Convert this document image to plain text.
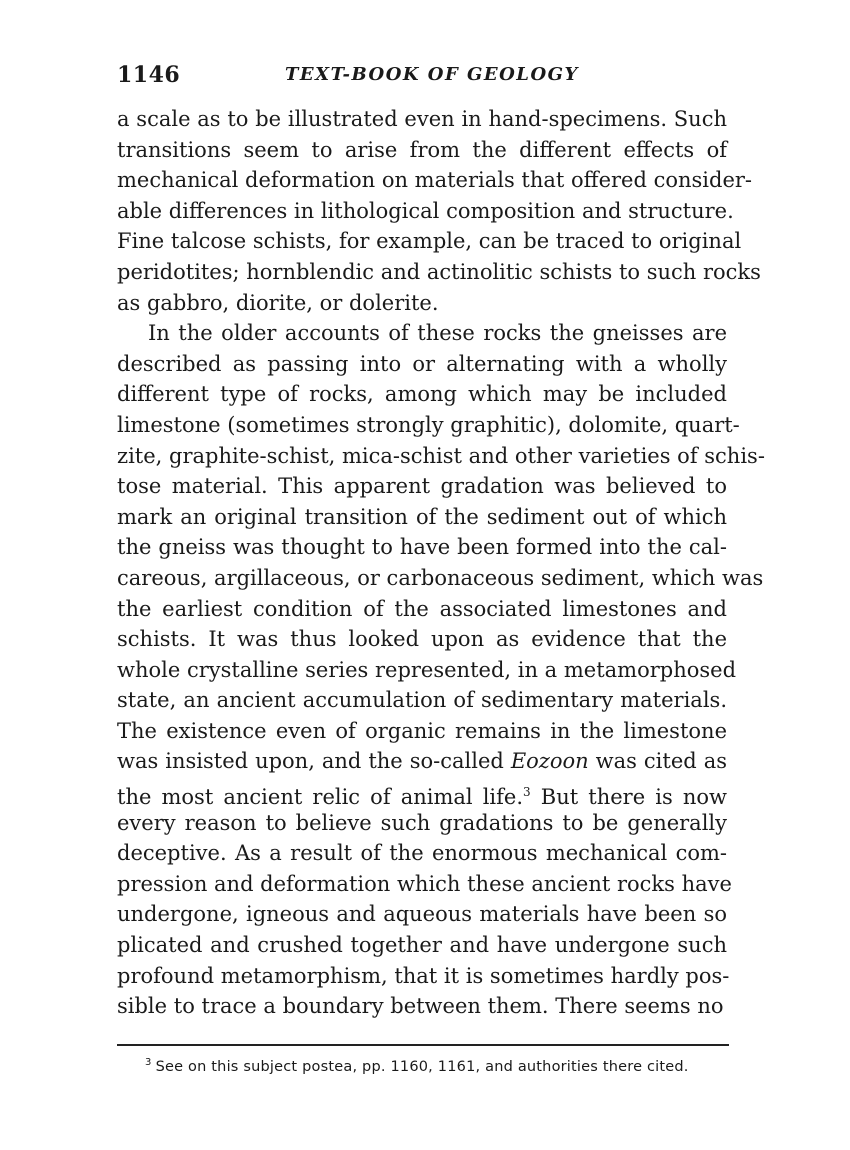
1146	TEXT-BOOK OF GEOLOGY
a scale as to be illustrated even in hand-specimens. Such
transitions seem to arise from the different effects of
mechanical deformation on materials that offered consider-
able differences in lithological composition and structure.
Fine talcose schists, for example, can be traced to original
peridotites; hornblendic and actinolitic schists to such rocks
as gabbro, diorite, or dolerite.
In the older accounts of these rocks the gneisses are
described as passing into or alternating with a wholly
different type of rocks, among which may be included
limestone (sometimes strongly graphitic), dolomite, quart-
zite, graphite-schist, mica-schist and other varieties of schis-
tose material. This apparent gradation was believed to
mark an original transition of the sediment out of which
the gneiss was thought to have been formed into the cal-
careous, argillaceous, or carbonaceous sediment, which was
the earliest condition of the associated limestones and
schists. It was thus looked upon as evidence that the
whole crystalline series represented, in a metamorphosed
state, an ancient accumulation of sedimentary materials.
The existence even of organic remains in the limestone
was insisted upon, and the so-called Eozoon was cited as
the most ancient relic of animal life.$^3$ But there is now
every reason to believe such gradations to be generally
deceptive. As a result of the enormous mechanical com-
pression and deformation which these ancient rocks have
undergone, igneous and aqueous materials have been so
plicated and crushed together and have undergone such
profound metamorphism, that it is sometimes hardly pos-
sible to trace a boundary between them. There seems no
$^3$ See on this subject postea, pp. 1160, 1161, and authorities there cited.
